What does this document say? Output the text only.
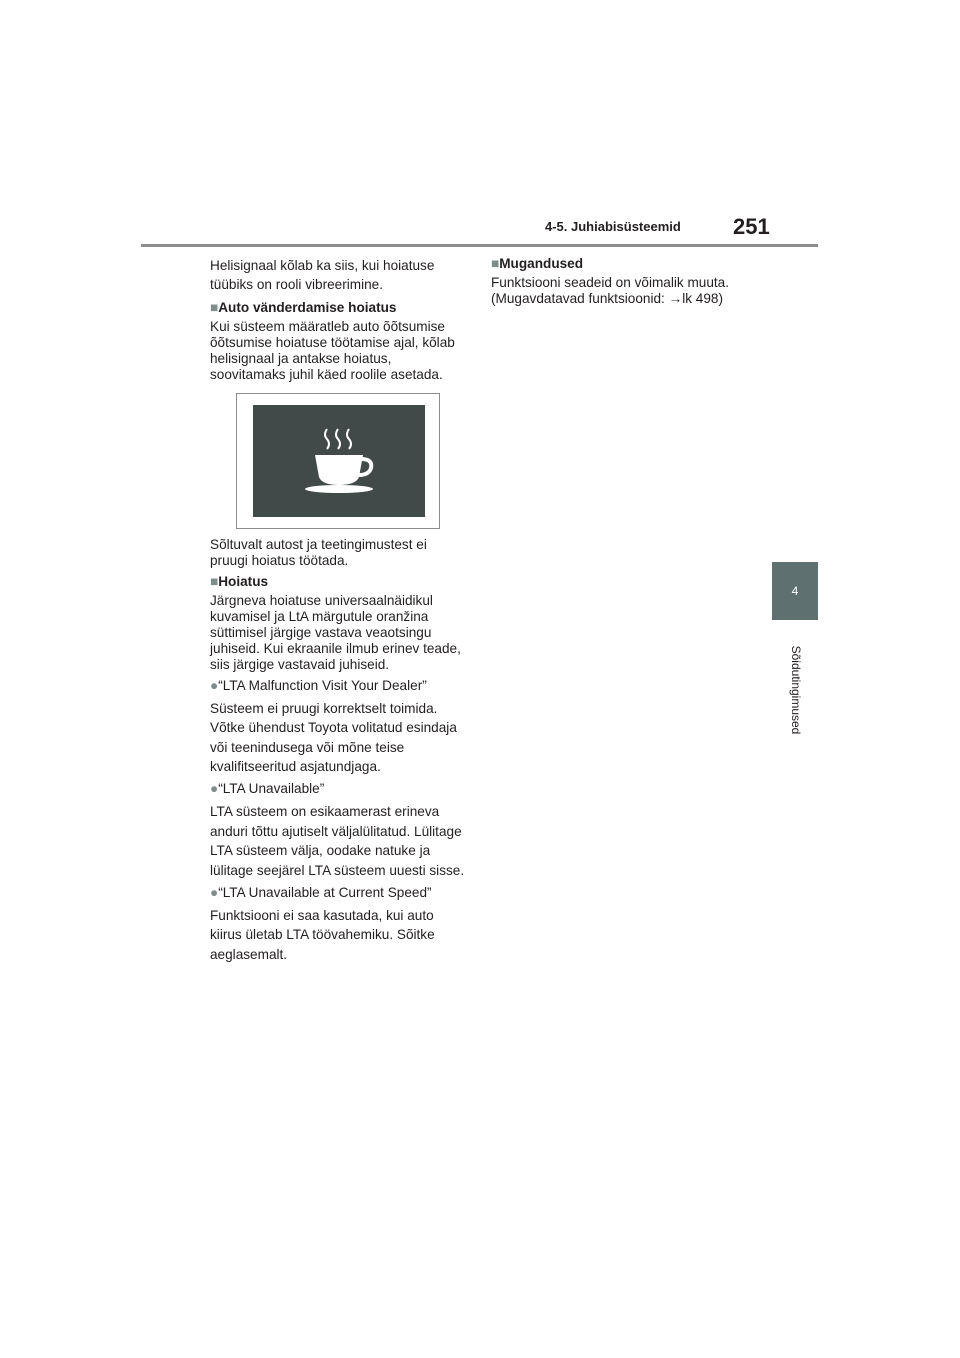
4-5. Juhiabisüsteemid 251
4
Sõidutingimused

Helisignaal kõlab ka siis, kui hoiatuse tüübiks on rooli vibreerimine.

■Auto vänderdamise hoiatus

Kui süsteem määratleb auto õõtsumise õõtsumise hoiatuse töötamise ajal, kõlab helisignaal ja antakse hoiatus, soovitamaks juhil käed roolile asetada.

Sõltuvalt autost ja teetingimustest ei pruugi hoiatus töötada.

■Hoiatus

Järgneva hoiatuse universaalnäidikul kuvamisel ja LtA märgutule oranžina süttimisel järgige vastava veaotsingu juhiseid. Kui ekraanile ilmub erinev teade, siis järgige vastavaid juhiseid.

●“LTA Malfunction Visit Your Dealer”

Süsteem ei pruugi korrektselt toimida. Võtke ühendust Toyota volitatud esindaja või teenindusega või mõne teise kvalifitseeritud asjatundjaga.

●“LTA Unavailable”

LTA süsteem on esikaamerast erineva anduri tõttu ajutiselt väljalülitatud. Lülitage LTA süsteem välja, oodake natuke ja lülitage seejärel LTA süsteem uuesti sisse.

●“LTA Unavailable at Current Speed”

Funktsiooni ei saa kasutada, kui auto kiirus ületab LTA töövahemiku. Sõitke aeglasemalt.

■Mugandused

Funktsiooni seadeid on võimalik muuta.
(Mugavdatavad funktsioonid: →lk 498)
